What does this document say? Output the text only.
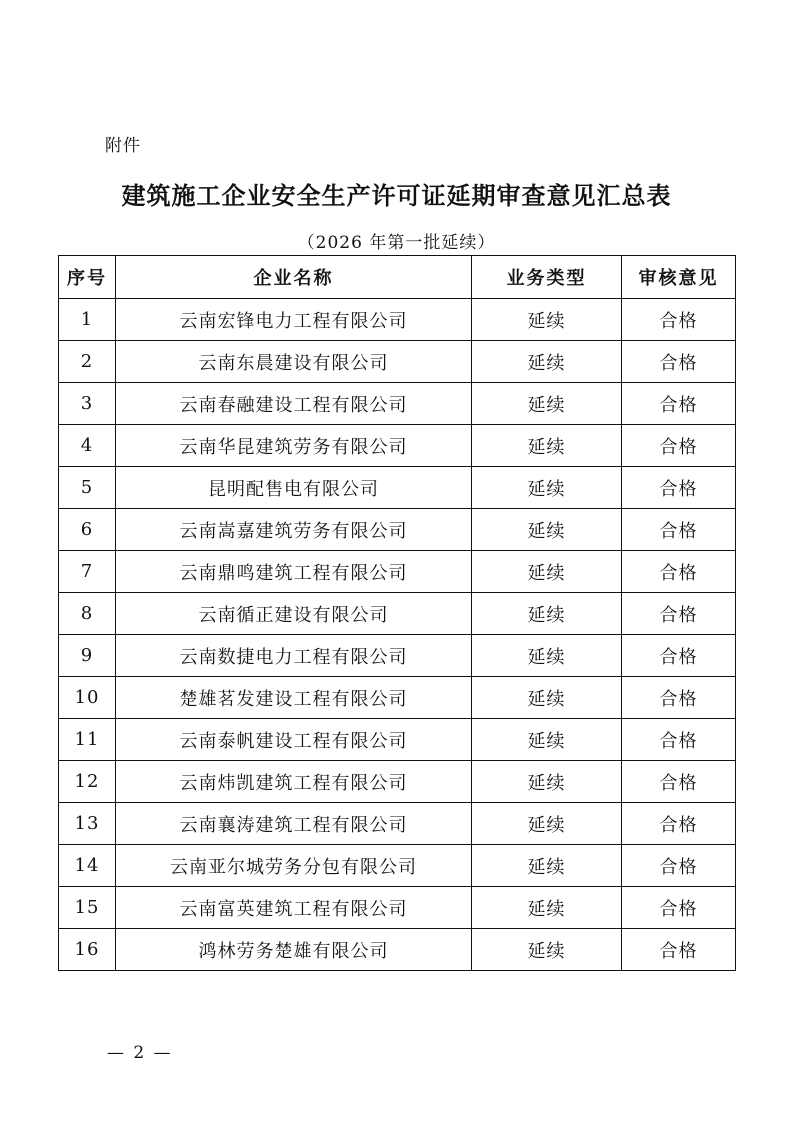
附件
建筑施工企业安全生产许可证延期审查意见汇总表
（2026 年第一批延续）
序号	企业名称	业务类型	审核意见
1	云南宏锋电力工程有限公司	延续	合格
2	云南东晨建设有限公司	延续	合格
3	云南春融建设工程有限公司	延续	合格
4	云南华昆建筑劳务有限公司	延续	合格
5	昆明配售电有限公司	延续	合格
6	云南嵩嘉建筑劳务有限公司	延续	合格
7	云南鼎鸣建筑工程有限公司	延续	合格
8	云南循正建设有限公司	延续	合格
9	云南数捷电力工程有限公司	延续	合格
10	楚雄茗发建设工程有限公司	延续	合格
11	云南泰帆建设工程有限公司	延续	合格
12	云南炜凯建筑工程有限公司	延续	合格
13	云南襄涛建筑工程有限公司	延续	合格
14	云南亚尔城劳务分包有限公司	延续	合格
15	云南富英建筑工程有限公司	延续	合格
16	鸿林劳务楚雄有限公司	延续	合格
— 2 —
